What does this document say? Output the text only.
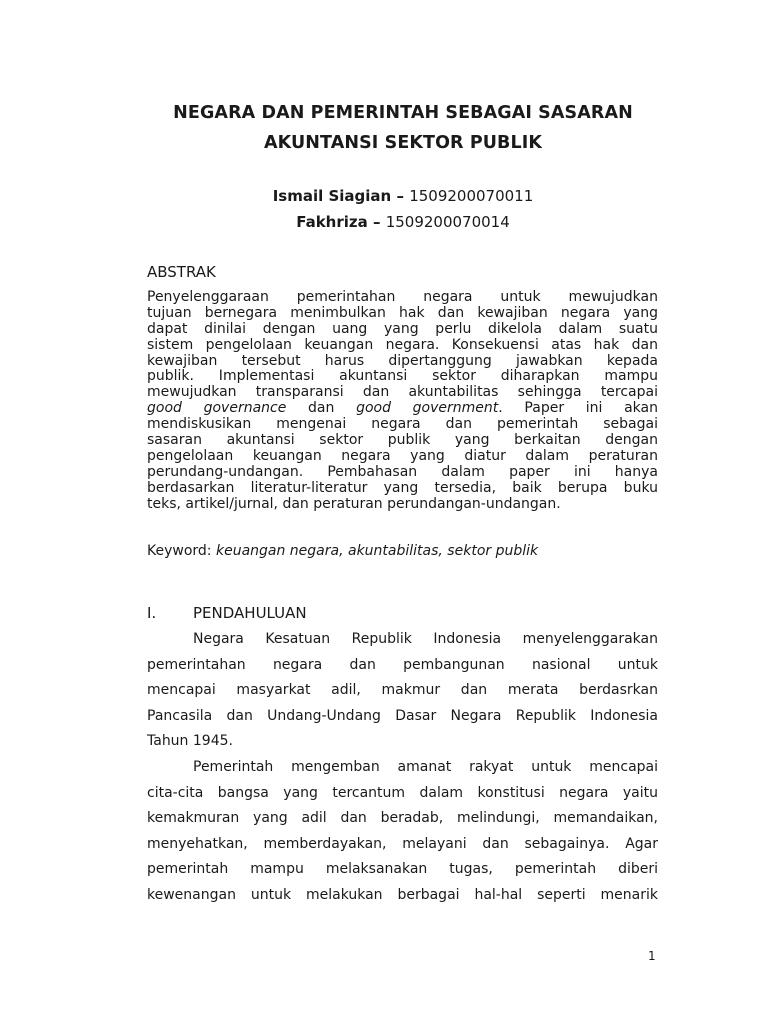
NEGARA DAN PEMERINTAH SEBAGAI SASARAN
AKUNTANSI SEKTOR PUBLIK
Ismail Siagian – 1509200070011
Fakhriza – 1509200070014
ABSTRAK
Penyelenggaraan pemerintahan negara untuk mewujudkan
tujuan bernegara menimbulkan hak dan kewajiban negara yang
dapat dinilai dengan uang yang perlu dikelola dalam suatu
sistem pengelolaan keuangan negara. Konsekuensi atas hak dan
kewajiban tersebut harus dipertanggung jawabkan kepada
publik. Implementasi akuntansi sektor diharapkan mampu
mewujudkan transparansi dan akuntabilitas sehingga tercapai
good governance dan good government. Paper ini akan
mendiskusikan mengenai negara dan pemerintah sebagai
sasaran akuntansi sektor publik yang berkaitan dengan
pengelolaan keuangan negara yang diatur dalam peraturan
perundang-undangan. Pembahasan dalam paper ini hanya
berdasarkan literatur-literatur yang tersedia, baik berupa buku
teks, artikel/jurnal, dan peraturan perundangan-undangan.
Keyword: keuangan negara, akuntabilitas, sektor publik
I. PENDAHULUAN
Negara Kesatuan Republik Indonesia menyelenggarakan
pemerintahan negara dan pembangunan nasional untuk
mencapai masyarkat adil, makmur dan merata berdasrkan
Pancasila dan Undang-Undang Dasar Negara Republik Indonesia
Tahun 1945.
Pemerintah mengemban amanat rakyat untuk mencapai
cita-cita bangsa yang tercantum dalam konstitusi negara yaitu
kemakmuran yang adil dan beradab, melindungi, memandaikan,
menyehatkan, memberdayakan, melayani dan sebagainya. Agar
pemerintah mampu melaksanakan tugas, pemerintah diberi
kewenangan untuk melakukan berbagai hal-hal seperti menarik
1
